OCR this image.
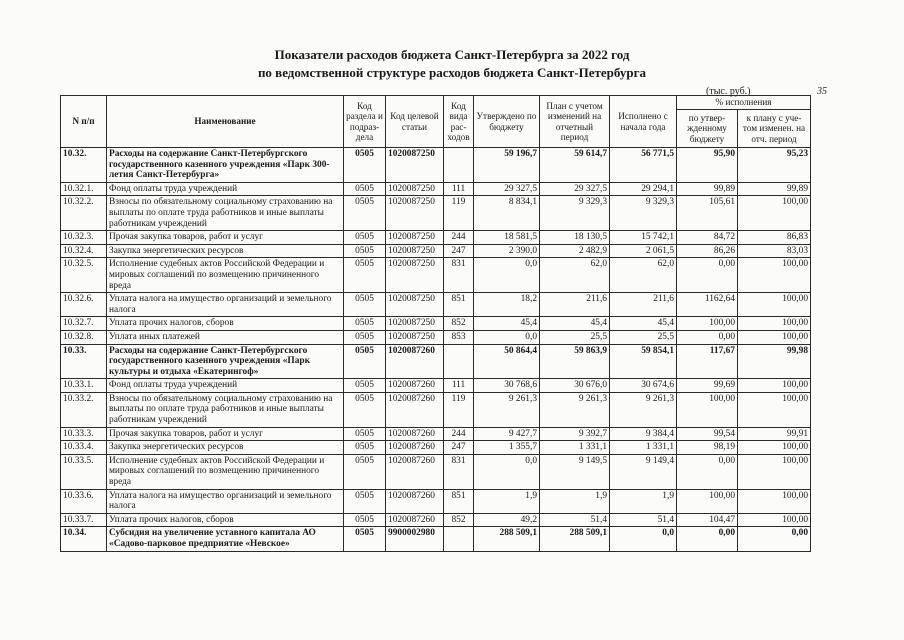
Показатели расходов бюджета Санкт-Петербурга за 2022 год
по ведомственной структуре расходов бюджета Санкт-Петербурга
(тыс. руб.)	35
N п/п	Наименование	Код раздела и подраз-дела	Код целевой статьи	Код вида рас-ходов	Утверждено по бюджету	План с учетом изменений на отчетный период	Исполнено с начала года	% исполнения	
								по утвер-жденному бюджету	к плану с уче-том изменен. на отч. период
10.32.	Расходы на содержание Санкт-Петербургского государственного казенного учреждения «Парк 300-летия Санкт-Петербурга»	0505	1020087250		59 196,7	59 614,7	56 771,5	95,90	95,23
10.32.1.	Фонд оплаты труда учреждений	0505	1020087250	111	29 327,5	29 327,5	29 294,1	99,89	99,89
10.32.2.	Взносы по обязательному социальному страхованию на выплаты по оплате труда работников и иные выплаты работникам учреждений	0505	1020087250	119	8 834,1	9 329,3	9 329,3	105,61	100,00
10.32.3.	Прочая закупка товаров, работ и услуг	0505	1020087250	244	18 581,5	18 130,5	15 742,1	84,72	86,83
10.32.4.	Закупка энергетических ресурсов	0505	1020087250	247	2 390,0	2 482,9	2 061,5	86,26	83,03
10.32.5.	Исполнение судебных актов Российской Федерации и мировых соглашений по возмещению причиненного вреда	0505	1020087250	831	0,0	62,0	62,0	0,00	100,00
10.32.6.	Уплата налога на имущество организаций и земельного налога	0505	1020087250	851	18,2	211,6	211,6	1162,64	100,00
10.32.7.	Уплата прочих налогов, сборов	0505	1020087250	852	45,4	45,4	45,4	100,00	100,00
10.32.8.	Уплата иных платежей	0505	1020087250	853	0,0	25,5	25,5	0,00	100,00
10.33.	Расходы на содержание Санкт-Петербургского государственного казенного учреждения «Парк культуры и отдыха «Екатерингоф»	0505	1020087260		50 864,4	59 863,9	59 854,1	117,67	99,98
10.33.1.	Фонд оплаты труда учреждений	0505	1020087260	111	30 768,6	30 676,0	30 674,6	99,69	100,00
10.33.2.	Взносы по обязательному социальному страхованию на выплаты по оплате труда работников и иные выплаты работникам учреждений	0505	1020087260	119	9 261,3	9 261,3	9 261,3	100,00	100,00
10.33.3.	Прочая закупка товаров, работ и услуг	0505	1020087260	244	9 427,7	9 392,7	9 384,4	99,54	99,91
10.33.4.	Закупка энергетических ресурсов	0505	1020087260	247	1 355,7	1 331,1	1 331,1	98,19	100,00
10.33.5.	Исполнение судебных актов Российской Федерации и мировых соглашений по возмещению причиненного вреда	0505	1020087260	831	0,0	9 149,5	9 149,4	0,00	100,00
10.33.6.	Уплата налога на имущество организаций и земельного налога	0505	1020087260	851	1,9	1,9	1,9	100,00	100,00
10.33.7.	Уплата прочих налогов, сборов	0505	1020087260	852	49,2	51,4	51,4	104,47	100,00
10.34.	Субсидия на увеличение уставного капитала АО «Садово-парковое предприятие «Невское»	0505	9900002980		288 509,1	288 509,1	0,0	0,00	0,00
